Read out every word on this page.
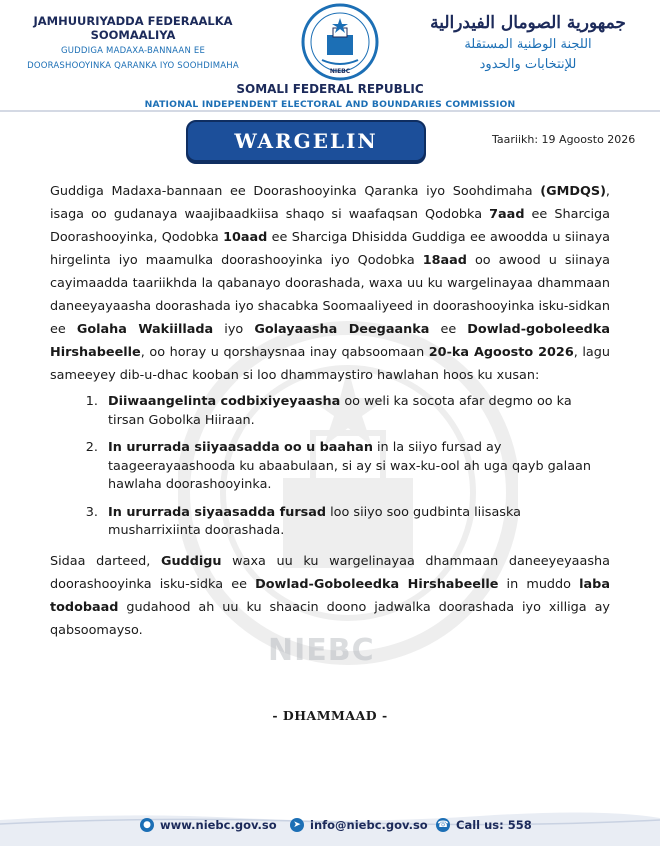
JAMHUURIYADDA FEDERAALKA
SOOMAALIYA
GUDDIGA MADAXA-BANNAAN EE
DOORASHOOYINKA QARANKA IYO SOOHDIMAHA
NIEBC
جمهورية الصومال الفيدرالية
اللجنة الوطنية المستقلة
للإنتخابات والحدود
SOMALI FEDERAL REPUBLIC
NATIONAL INDEPENDENT ELECTORAL AND BOUNDARIES COMMISSION
WARGELIN	Taariikh: 19 Agoosto 2026
NIEBC

Guddiga Madaxa-bannaan ee Doorashooyinka Qaranka iyo Soohdimaha (GMDQS), isaga oo gudanaya waajibaadkiisa shaqo si waafaqsan Qodobka 7aad ee Sharciga Doorashooyinka, Qodobka 10aad ee Sharciga Dhisidda Guddiga ee awoodda u siinaya hirgelinta iyo maamulka doorashooyinka iyo Qodobka 18aad oo awood u siinaya cayimaadda taariikhda la qabanayo doorashada, waxa uu ku wargelinayaa dhammaan daneeyayaasha doorashada iyo shacabka Soomaaliyeed in doorashooyinka isku-sidkan ee Golaha Wakiillada iyo Golayaasha Deegaanka ee Dowlad-goboleedka Hirshabeelle, oo horay u qorshaysnaa inay qabsoomaan 20-ka Agoosto 2026, lagu sameeyey dib-u-dhac kooban si loo dhammaystiro hawlahan hoos ku xusan:

1. Diiwaangelinta codbixiyeyaasha oo weli ka socota afar degmo oo ka tirsan Gobolka Hiiraan.
2. In ururrada siiyaasadda oo u baahan in la siiyo fursad ay taageerayaashooda ku abaabulaan, si ay si wax-ku-ool ah uga qayb galaan hawlaha doorashooyinka.
3. In ururrada siyaasadda fursad loo siiyo soo gudbinta liisaska musharrixiinta doorashada.

Sidaa darteed, Guddigu waxa uu ku wargelinayaa dhammaan daneeyeyaasha doorashooyinka isku-sidka ee Dowlad-Goboleedka Hirshabeelle in muddo laba todobaad gudahood ah uu ku shaacin doono jadwalka doorashada iyo xilliga ay qabsoomayso.

- DHAMMAAD -
● www.niebc.gov.so	➤ info@niebc.gov.so ☎ Call us: 558
